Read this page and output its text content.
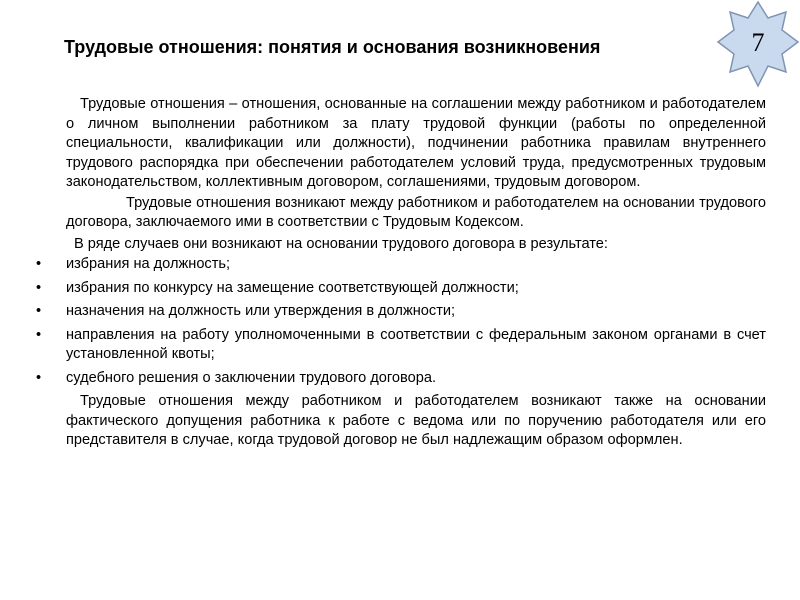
Трудовые отношения: понятия и основания возникновения	7

Трудовые отношения – отношения, основанные на соглашении между работником и работодателем о личном выполнении работником за плату трудовой функции (работы по определенной специальности, квалификации или должности), подчинении работника правилам внутреннего трудового распорядка при обеспечении работодателем условий труда, предусмотренных трудовым законодательством, коллективным договором, соглашениями, трудовым договором.

Трудовые отношения возникают между работником и работодателем на основании трудового договора, заключаемого ими в соответствии с Трудовым Кодексом.

В ряде случаев они возникают на основании трудового договора в результате:

• избрания на должность;
• избрания по конкурсу на замещение соответствующей должности;
• назначения на должность или утверждения в должности;
• направления на работу уполномоченными в соответствии с федеральным законом органами в счет установленной квоты;
• судебного решения о заключении трудового договора.

Трудовые отношения между работником и работодателем возникают также на основании фактического допущения работника к работе с ведома или по поручению работодателя или его представителя в случае, когда трудовой договор не был надлежащим образом оформлен.
